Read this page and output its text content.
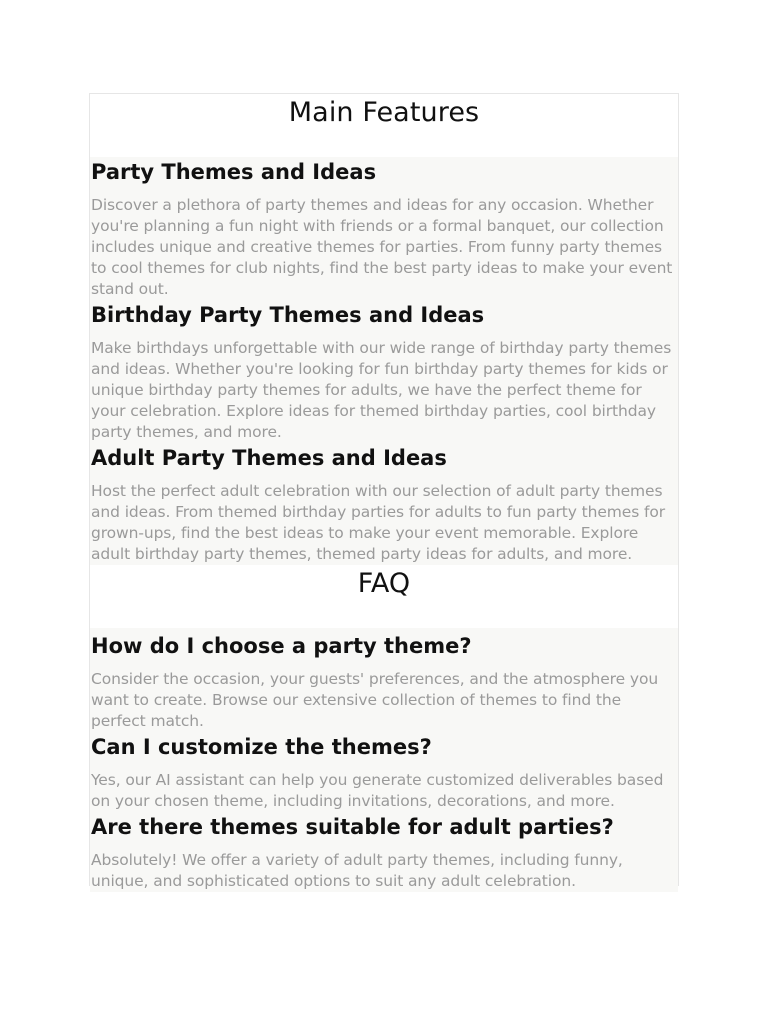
Main Features
Party Themes and Ideas

Discover a plethora of party themes and ideas for any occasion. Whether you're planning a fun night with friends or a formal banquet, our collection includes unique and creative themes for parties. From funny party themes to cool themes for club nights, find the best party ideas to make your event stand out.

Birthday Party Themes and Ideas

Make birthdays unforgettable with our wide range of birthday party themes and ideas. Whether you're looking for fun birthday party themes for kids or unique birthday party themes for adults, we have the perfect theme for your celebration. Explore ideas for themed birthday parties, cool birthday party themes, and more.

Adult Party Themes and Ideas

Host the perfect adult celebration with our selection of adult party themes and ideas. From themed birthday parties for adults to fun party themes for grown-ups, find the best ideas to make your event memorable. Explore adult birthday party themes, themed party ideas for adults, and more.

FAQ
How do I choose a party theme?

Consider the occasion, your guests' preferences, and the atmosphere you want to create. Browse our extensive collection of themes to find the perfect match.

Can I customize the themes?

Yes, our AI assistant can help you generate customized deliverables based on your chosen theme, including invitations, decorations, and more.

Are there themes suitable for adult parties?

Absolutely! We offer a variety of adult party themes, including funny, unique, and sophisticated options to suit any adult celebration.
